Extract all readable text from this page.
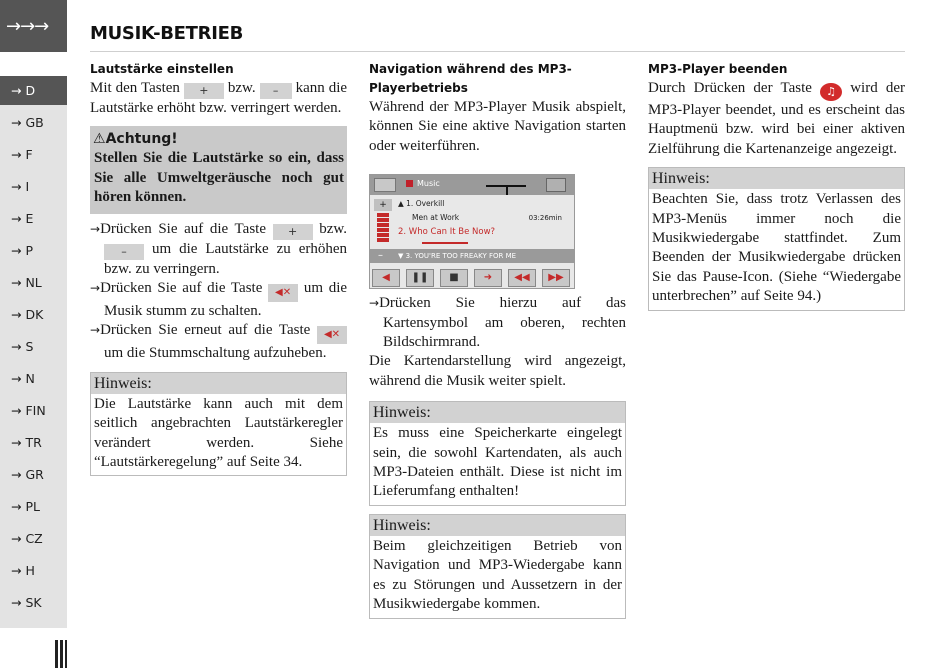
→→→
→ D
→ GB
→ F
→ I
→ E
→ P
→ NL
→ DK
→ S
→ N
→ FIN
→ TR
→ GR
→ PL
→ CZ
→ H
→ SK
MUSIK-BETRIEB
Lautstärke einstellen
Mit den Tasten + bzw. – kann die Lautstärke erhöht bzw. verringert werden.
⚠Achtung!
Stellen Sie die Lautstärke so ein, dass Sie alle Umweltgeräusche noch gut hören können.
→Drücken Sie auf die Taste + bzw. – um die Lautstärke zu erhöhen bzw. zu verringern.
→Drücken Sie auf die Taste ◀✕ um die Musik stumm zu schalten.
→Drücken Sie erneut auf die Taste ◀✕ um die Stummschaltung aufzuheben.
Hinweis:
Die Lautstärke kann auch mit dem seitlich angebrachten Lautstärkeregler verändert werden. Siehe “Lautstärkeregelung” auf Seite 34.
Navigation während des MP3-Playerbetriebs
Während der MP3-Player Musik abspielt, können Sie eine aktive Navigation starten oder weiterführen.
Music
+	▲ 1. Overkill
Men at Work
2. Who Can It Be Now?
03:26min
– ▼ 3. YOU'RE TOO FREAKY FOR ME
◀	❚❚	■	➜	◀◀	▶▶
→Drücken Sie hierzu auf das Kartensymbol am oberen, rechten Bildschirmrand.
Die Kartendarstellung wird angezeigt, während die Musik weiter spielt.
Hinweis:
Es muss eine Speicherkarte eingelegt sein, die sowohl Kartendaten, als auch MP3-Dateien enthält. Diese ist nicht im Lieferumfang enthalten!
Hinweis:
Beim gleichzeitigen Betrieb von Navigation und MP3-Wiedergabe kann es zu Störungen und Aussetzern in der Musikwiedergabe kommen.
MP3-Player beenden
Durch Drücken der Taste ♫ wird der MP3-Player beendet, und es erscheint das Hauptmenü bzw. wird bei einer aktiven Zielführung die Kartenanzeige angezeigt.
Hinweis:
Beachten Sie, dass trotz Verlassen des MP3-Menüs immer noch die Musikwiedergabe stattfindet. Zum Beenden der Musikwiedergabe drücken Sie das Pause-Icon. (Siehe “Wiedergabe unterbrechen” auf Seite 94.)
